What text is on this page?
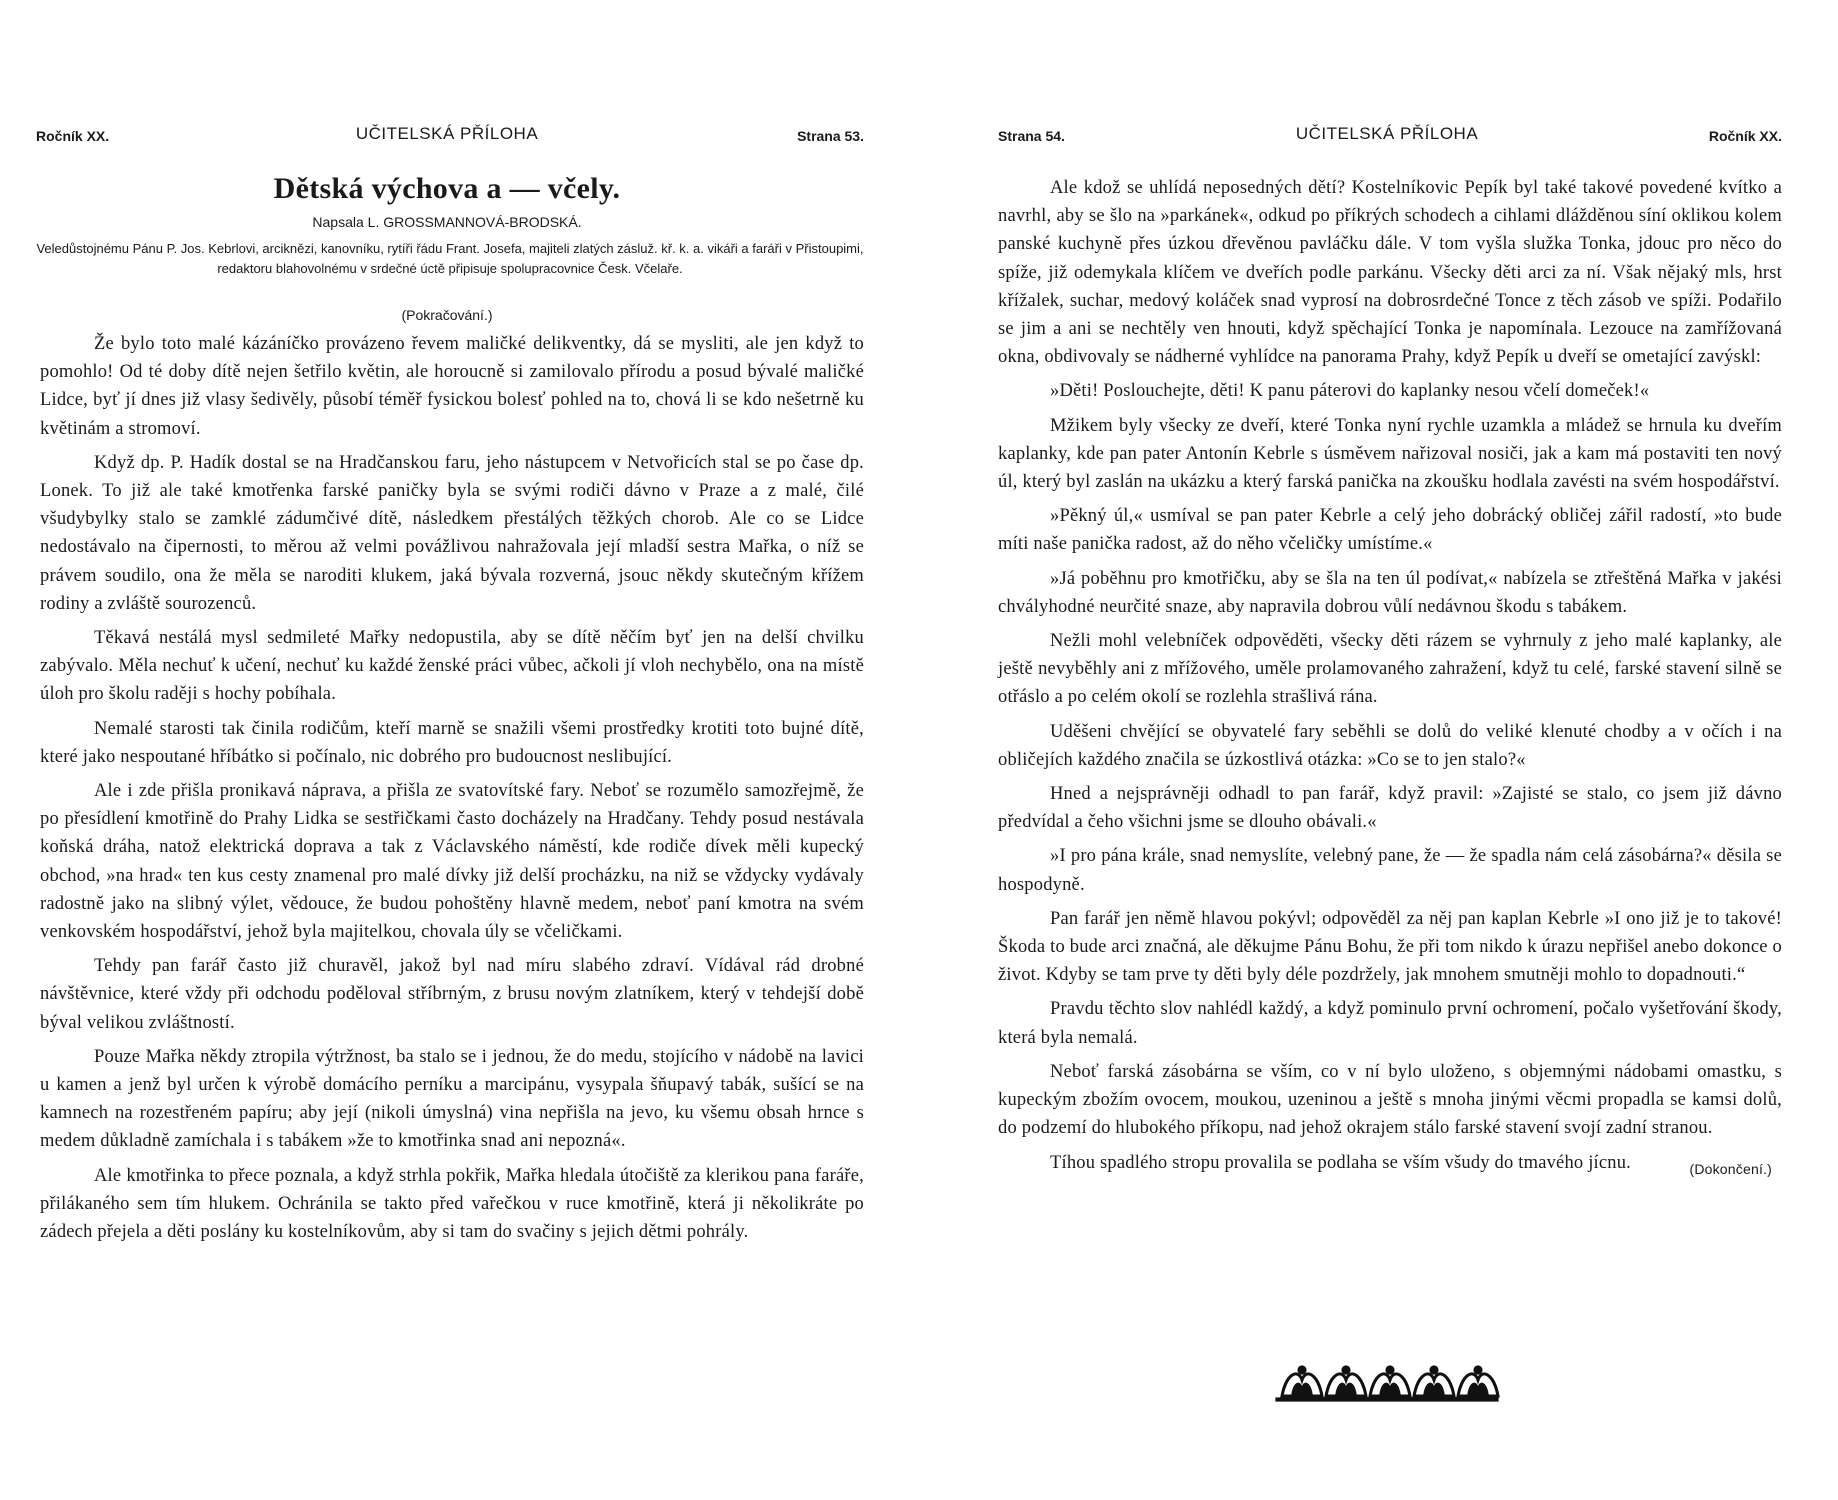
Ročník XX.	UČITELSKÁ PŘÍLOHA	Strana 53.
Dětská výchova a — včely.
Napsala L. GROSSMANNOVÁ-BRODSKÁ.
Veledůstojnému Pánu P. Jos. Kebrlovi, arciknězi, kanovníku, rytíři řádu Frant. Josefa, majiteli zlatých zásluž. kř. k. a. vikáři a faráři v Přistoupimi, redaktoru blahovolnému v srdečné úctě připisuje spolupracovnice Česk. Včelaře.
(Pokračování.)

Že bylo toto malé kázáníčko provázeno řevem maličké delikventky, dá se mysliti, ale jen když to pomohlo! Od té doby dítě nejen šetřilo květin, ale horoucně si zamilovalo přírodu a posud bývalé maličké Lidce, byť jí dnes již vlasy šedivěly, působí téměř fysickou bolesť pohled na to, chová li se kdo nešetrně ku květinám a stromoví.

Když dp. P. Hadík dostal se na Hradčanskou faru, jeho nástupcem v Netvořicích stal se po čase dp. Lonek. To již ale také kmotřenka farské paničky byla se svými rodiči dávno v Praze a z malé, čilé všudybylky stalo se zamklé zádumčivé dítě, následkem přestálých těžkých chorob. Ale co se Lidce nedostávalo na čipernosti, to měrou až velmi povážlivou nahražovala její mladší sestra Mařka, o níž se právem soudilo, ona že měla se naroditi klukem, jaká bývala rozverná, jsouc někdy skutečným křížem rodiny a zvláště sourozenců.

Těkavá nestálá mysl sedmileté Mařky nedopustila, aby se dítě něčím byť jen na delší chvilku zabývalo. Měla nechuť k učení, nechuť ku každé ženské práci vůbec, ačkoli jí vloh nechybělo, ona na místě úloh pro školu raději s hochy pobíhala.

Nemalé starosti tak činila rodičům, kteří marně se snažili všemi prostředky krotiti toto bujné dítě, které jako nespoutané hříbátko si počínalo, nic dobrého pro budoucnost neslibující.

Ale i zde přišla pronikavá náprava, a přišla ze svatovítské fary. Neboť se rozumělo samozřejmě, že po přesídlení kmotřině do Prahy Lidka se sestřičkami často docházely na Hradčany. Tehdy posud nestávala koňská dráha, natož elektrická doprava a tak z Václavského náměstí, kde rodiče dívek měli kupecký obchod, »na hrad« ten kus cesty znamenal pro malé dívky již delší procházku, na niž se vždycky vydávaly radostně jako na slibný výlet, vědouce, že budou pohoštěny hlavně medem, neboť paní kmotra na svém venkovském hospodářství, jehož byla majitelkou, chovala úly se včeličkami.

Tehdy pan farář často již churavěl, jakož byl nad míru slabého zdraví. Vídával rád drobné návštěvnice, které vždy při odchodu poděloval stříbrným, z brusu novým zlatníkem, který v tehdejší době býval velikou zvláštností.

Pouze Mařka někdy ztropila výtržnost, ba stalo se i jednou, že do medu, stojícího v nádobě na lavici u kamen a jenž byl určen k výrobě domácího perníku a marcipánu, vysypala šňupavý tabák, sušící se na kamnech na rozestřeném papíru; aby její (nikoli úmyslná) vina nepřišla na jevo, ku všemu obsah hrnce s medem důkladně zamíchala i s tabákem »že to kmotřinka snad ani nepozná«.

Ale kmotřinka to přece poznala, a když strhla pokřik, Mařka hledala útočiště za klerikou pana faráře, přilákaného sem tím hlukem. Ochránila se takto před vařečkou v ruce kmotřině, která ji několikráte po zádech přejela a děti poslány ku kostelníkovům, aby si tam do svačiny s jejich dětmi pohrály.

Strana 54.	UČITELSKÁ PŘÍLOHA	Ročník XX.

Ale kdož se uhlídá neposedných dětí? Kostelníkovic Pepík byl také takové povedené kvítko a navrhl, aby se šlo na »parkánek«, odkud po příkrých schodech a cihlami dlážděnou síní oklikou kolem panské kuchyně přes úzkou dřevěnou pavláčku dále. V tom vyšla služka Tonka, jdouc pro něco do spíže, již odemykala klíčem ve dveřích podle parkánu. Všecky děti arci za ní. Však nějaký mls, hrst křížalek, suchar, medový koláček snad vyprosí na dobrosrdečné Tonce z těch zásob ve spíži. Podařilo se jim a ani se nechtěly ven hnouti, když spěchající Tonka je napomínala. Lezouce na zamřížovaná okna, obdivovaly se nádherné vyhlídce na panorama Prahy, když Pepík u dveří se ometající zavýskl:

»Děti! Poslouchejte, děti! K panu páterovi do kaplanky nesou včelí domeček!«

Mžikem byly všecky ze dveří, které Tonka nyní rychle uzamkla a mládež se hrnula ku dveřím kaplanky, kde pan pater Antonín Kebrle s úsměvem nařizoval nosiči, jak a kam má postaviti ten nový úl, který byl zaslán na ukázku a který farská panička na zkoušku hodlala zavésti na svém hospodářství.

»Pěkný úl,« usmíval se pan pater Kebrle a celý jeho dobrácký obličej zářil radostí, »to bude míti naše panička radost, až do něho včeličky umístíme.«

»Já poběhnu pro kmotřičku, aby se šla na ten úl podívat,« nabízela se ztřeštěná Mařka v jakési chvályhodné neurčité snaze, aby napravila dobrou vůlí nedávnou škodu s tabákem.

Nežli mohl velebníček odpověděti, všecky děti rázem se vyhrnuly z jeho malé kaplanky, ale ještě nevyběhly ani z mřížového, uměle prolamovaného zahražení, když tu celé, farské stavení silně se otřáslo a po celém okolí se rozlehla strašlivá rána.

Uděšeni chvějící se obyvatelé fary seběhli se dolů do veliké klenuté chodby a v očích i na obličejích každého značila se úzkostlivá otázka: »Co se to jen stalo?«

Hned a nejsprávněji odhadl to pan farář, když pravil: »Zajisté se stalo, co jsem již dávno předvídal a čeho všichni jsme se dlouho obávali.«

»I pro pána krále, snad nemyslíte, velebný pane, že — že spadla nám celá zásobárna?« děsila se hospodyně.

Pan farář jen němě hlavou pokývl; odpověděl za něj pan kaplan Kebrle »I ono již je to takové! Škoda to bude arci značná, ale děkujme Pánu Bohu, že při tom nikdo k úrazu nepřišel anebo dokonce o život. Kdyby se tam prve ty děti byly déle pozdržely, jak mnohem smutněji mohlo to dopadnouti.“

Pravdu těchto slov nahlédl každý, a když pominulo první ochromení, počalo vyšetřování škody, která byla nemalá.

Neboť farská zásobárna se vším, co v ní bylo uloženo, s objemnými nádobami omastku, s kupeckým zbožím ovocem, moukou, uzeninou a ještě s mnoha jinými věcmi propadla se kamsi dolů, do podzemí do hlubokého příkopu, nad jehož okrajem stálo farské stavení svojí zadní stranou.

Tíhou spadlého stropu provalila se podlaha se vším všudy do tmavého jícnu.	(Dokončení.)
